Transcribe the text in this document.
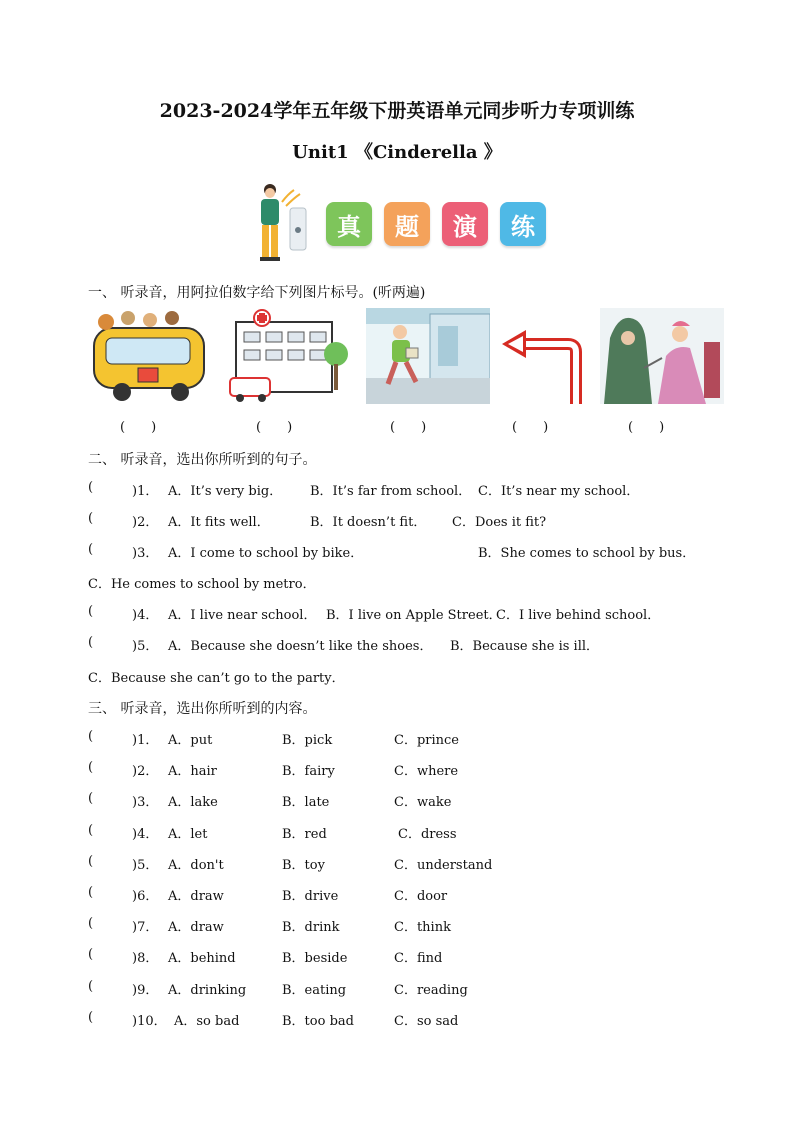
2023-2024学年五年级下册英语单元同步听力专项训练
Unit1 《Cinderella 》
真	题	演	练
一、 听录音，用阿拉伯数字给下列图片标号。(听两遍)
(　　)	(　　)	(　　)	(　　)	(　　)
二、 听录音，选出你所听到的句子。
(	)1． A．It’s very big． B．It’s far from school． C．It’s near my school．
(	)2． A．It fits well．	B．It doesn’t fit． C．Does it fit?
(	)3． A．I come to school by bike．	B．She comes to school by bus．
C．He comes to school by metro．
(	)4． A．I live near school． B．I live on Apple Street．
C．I live behind school．
(	)5． A．Because she doesn’t like the shoes． B．Because she is ill．
C．Because she can’t go to the party．
三、 听录音，选出你所听到的内容。
(	)1． A．put	B．pick	C．prince
(	)2． A．hair	B．fairy	C．where
(	)3． A．lake	B．late	C．wake
(	)4． A．let	B．red	C．dress
(	)5． A．don't	B．toy	C．understand
(	)6． A．draw	B．drive	C．door
(	)7． A．draw	B．drink	C．think
(	)8． A．behind	B．beside	C．find
(	)9． A．drinking	B．eating	C．reading
(	)10． A．so bad	B．too bad	C．so sad
